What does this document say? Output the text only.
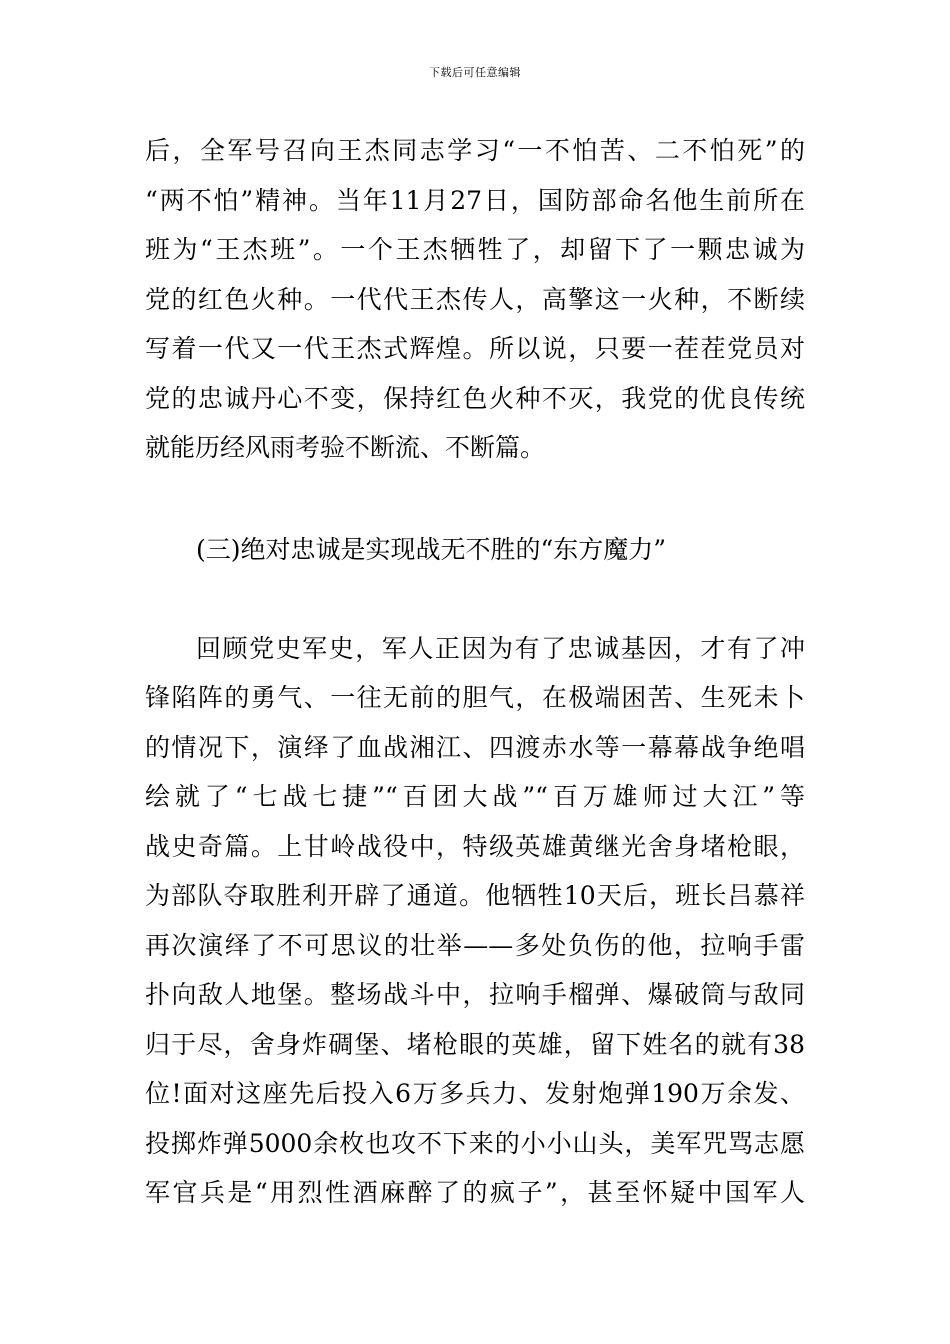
下载后可任意编辑
后，全军号召向王杰同志学习“一不怕苦、二不怕死”的
“两不怕”精神。当年11月27日，国防部命名他生前所在
班为“王杰班”。一个王杰牺牲了，却留下了一颗忠诚为
党的红色火种。一代代王杰传人，高擎这一火种，不断续
写着一代又一代王杰式辉煌。所以说，只要一茬茬党员对
党的忠诚丹心不变，保持红色火种不灭，我党的优良传统
就能历经风雨考验不断流、不断篇。
(三)绝对忠诚是实现战无不胜的“东方魔力”
回顾党史军史，军人正因为有了忠诚基因，才有了冲
锋陷阵的勇气、一往无前的胆气，在极端困苦、生死未卜
的情况下，演绎了血战湘江、四渡赤水等一幕幕战争绝唱
绘就了“七战七捷”“百团大战”“百万雄师过大江”等
战史奇篇。上甘岭战役中，特级英雄黄继光舍身堵枪眼，
为部队夺取胜利开辟了通道。他牺牲10天后，班长吕慕祥
再次演绎了不可思议的壮举——多处负伤的他，拉响手雷
扑向敌人地堡。整场战斗中，拉响手榴弹、爆破筒与敌同
归于尽，舍身炸碉堡、堵枪眼的英雄，留下姓名的就有38
位!面对这座先后投入6万多兵力、发射炮弹190万余发、
投掷炸弹5000余枚也攻不下来的小小山头，美军咒骂志愿
军官兵是“用烈性酒麻醉了的疯子”，甚至怀疑中国军人
